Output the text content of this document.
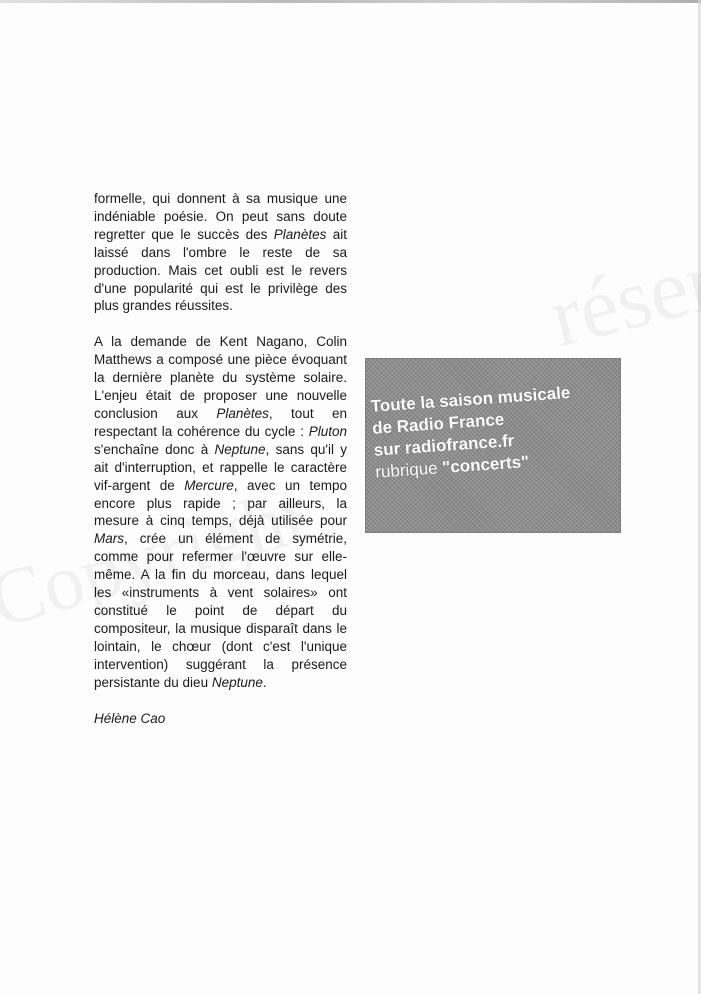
formelle, qui donnent à sa musique une indéniable poésie. On peut sans doute regretter que le succès des Planètes ait laissé dans l'ombre le reste de sa production. Mais cet oubli est le revers d'une popularité qui est le privilège des plus grandes réussites.

A la demande de Kent Nagano, Colin Matthews a composé une pièce évoquant la dernière planète du système solaire. L'enjeu était de proposer une nouvelle conclusion aux Planètes, tout en respectant la cohérence du cycle : Pluton s'enchaîne donc à Neptune, sans qu'il y ait d'interruption, et rappelle le caractère vif-argent de Mercure, avec un tempo encore plus rapide ; par ailleurs, la mesure à cinq temps, déjà utilisée pour Mars, crée un élément de symétrie, comme pour refermer l'œuvre sur elle-même. A la fin du morceau, dans lequel les «instruments à vent solaires» ont constitué le point de départ du compositeur, la musique disparaît dans le lointain, le chœur (dont c'est l'unique intervention) suggérant la présence persistante du dieu Neptune.

Hélène Cao

Toute la saison musicale
de Radio France
sur radiofrance.fr
rubrique "concerts"
